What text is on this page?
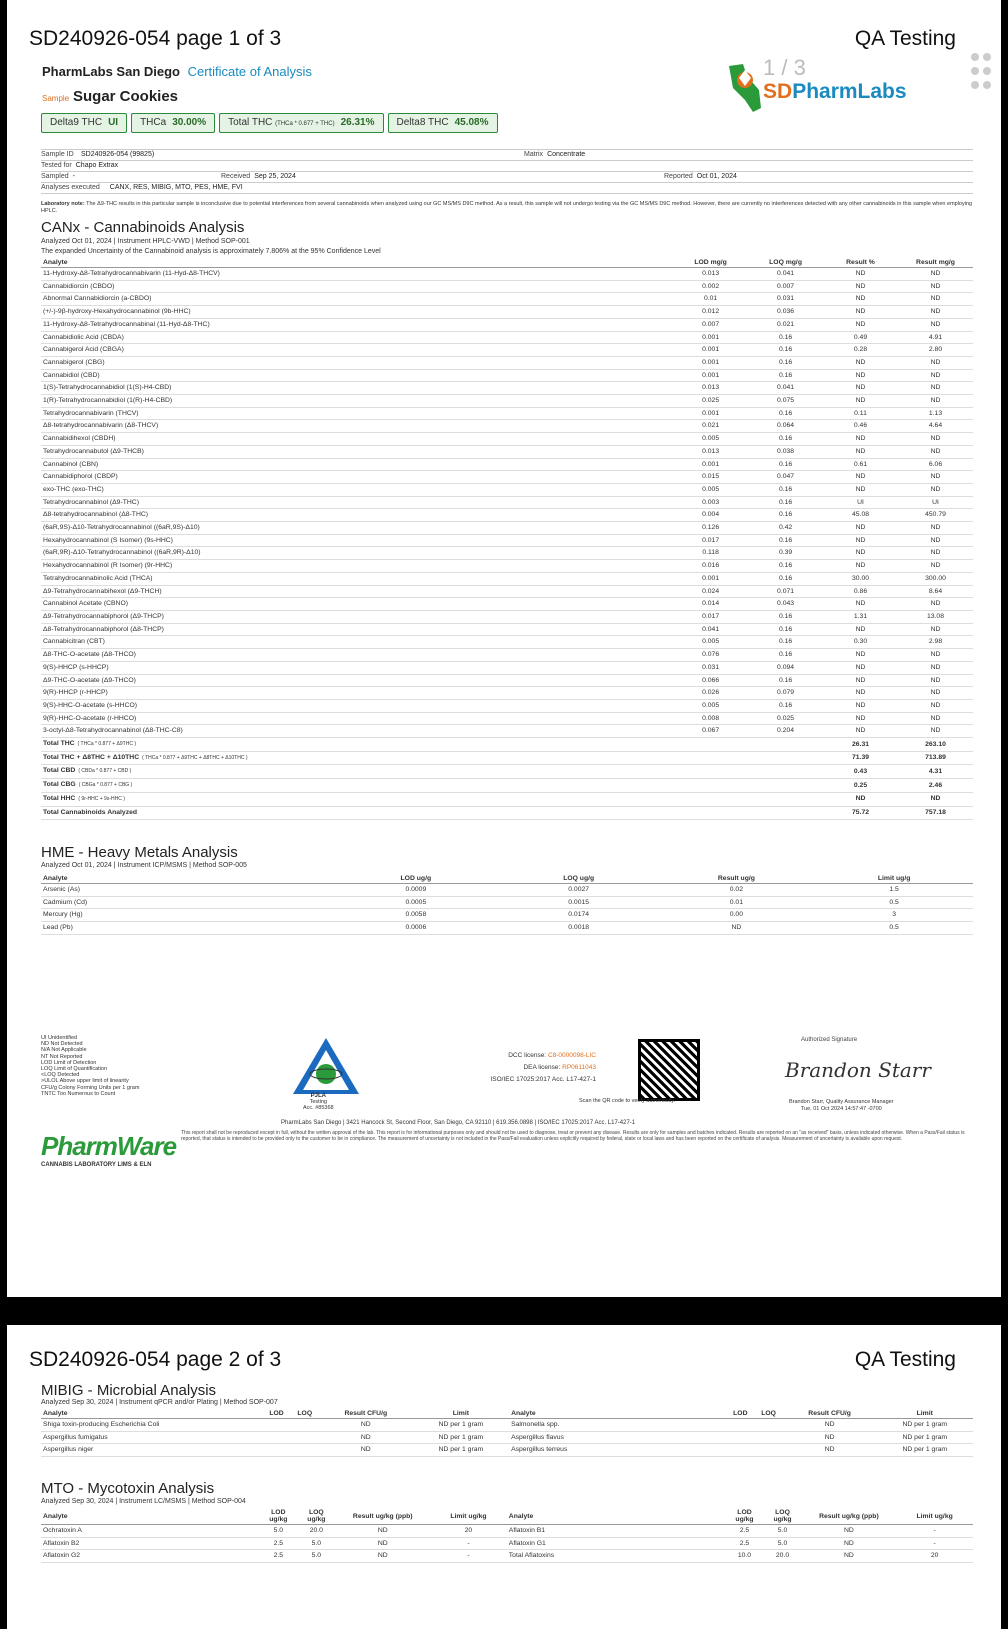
SD240926-054 page 1 of 3	QA Testing
PharmLabs San Diego Certificate of Analysis
Sample Sugar Cookies
Delta9 THC UI	THCa 30.00%	Total THC (THCa * 0.877 + THC) 26.31%	Delta8 THC 45.08%
1 / 3
SDPharmLabs
Sample ID	SD240926-054 (99825)	Matrix Concentrate
Tested for Chapo Extrax
Sampled -	Received Sep 25, 2024	Reported Oct 01, 2024
Analyses executed CANX, RES, MIBIG, MTO, PES, HME, FVI
Laboratory note: The Δ9-THC results in this particular sample is inconclusive due to potential interferences from several cannabinoids when analyzed using our GC MS/MS D9C method. As a result, this sample will not undergo testing via the GC MS/MS D9C method. However, there are currently no interferences detected with any other cannabinoids in this sample when employing HPLC.
CANx - Cannabinoids Analysis
Analyzed Oct 01, 2024 | Instrument HPLC-VWD | Method SOP-001
The expanded Uncertainty of the Cannabinoid analysis is approximately 7.806% at the 95% Confidence Level
Analyte	LOD mg/g	LOQ mg/g	Result %	Result mg/g
11-Hydroxy-Δ8-Tetrahydrocannabivarin (11-Hyd-Δ8-THCV)	0.013	0.041	ND	ND
Cannabidiorcin (CBDO)	0.002	0.007	ND	ND
Abnormal Cannabidiorcin (a-CBDO)	0.01	0.031	ND	ND
(+/-)-9β-hydroxy-Hexahydrocannabinol (9b-HHC)	0.012	0.036	ND	ND
11-Hydroxy-Δ8-Tetrahydrocannabinal (11-Hyd-Δ8-THC)	0.007	0.021	ND	ND
Cannabidiolic Acid (CBDA)	0.001	0.16	0.49	4.91
Cannabigerol Acid (CBGA)	0.001	0.16	0.28	2.80
Cannabigerol (CBG)	0.001	0.16	ND	ND
Cannabidiol (CBD)	0.001	0.16	ND	ND
1(S)-Tetrahydrocannabidiol (1(S)-H4-CBD)	0.013	0.041	ND	ND
1(R)-Tetrahydrocannabidiol (1(R)-H4-CBD)	0.025	0.075	ND	ND
Tetrahydrocannabivarin (THCV)	0.001	0.16	0.11	1.13
Δ8-tetrahydrocannabivarin (Δ8-THCV)	0.021	0.064	0.46	4.64
Cannabidihexol (CBDH)	0.005	0.16	ND	ND
Tetrahydrocannabutol (Δ9-THCB)	0.013	0.038	ND	ND
Cannabinol (CBN)	0.001	0.16	0.61	6.06
Cannabidiphorol (CBDP)	0.015	0.047	ND	ND
exo-THC (exo-THC)	0.005	0.16	ND	ND
Tetrahydrocannabinol (Δ9-THC)	0.003	0.16	UI	UI
Δ8-tetrahydrocannabinol (Δ8-THC)	0.004	0.16	45.08	450.79
(6aR,9S)-Δ10-Tetrahydrocannabinol ((6aR,9S)-Δ10)	0.126	0.42	ND	ND
Hexahydrocannabinol (S Isomer) (9s-HHC)	0.017	0.16	ND	ND
(6aR,9R)-Δ10-Tetrahydrocannabinol ((6aR,9R)-Δ10)	0.118	0.39	ND	ND
Hexahydrocannabinol (R Isomer) (9r-HHC)	0.016	0.16	ND	ND
Tetrahydrocannabinolic Acid (THCA)	0.001	0.16	30.00	300.00
Δ9-Tetrahydrocannabihexol (Δ9-THCH)	0.024	0.071	0.86	8.64
Cannabinol Acetate (CBNO)	0.014	0.043	ND	ND
Δ9-Tetrahydrocannabiphorol (Δ9-THCP)	0.017	0.16	1.31	13.08
Δ8-Tetrahydrocannabiphorol (Δ8-THCP)	0.041	0.16	ND	ND
Cannabicitran (CBT)	0.005	0.16	0.30	2.98
Δ8-THC-O-acetate (Δ8-THCO)	0.076	0.16	ND	ND
9(S)-HHCP (s-HHCP)	0.031	0.094	ND	ND
Δ9-THC-O-acetate (Δ9-THCO)	0.066	0.16	ND	ND
9(R)-HHCP (r-HHCP)	0.026	0.079	ND	ND
9(S)-HHC-O-acetate (s-HHCO)	0.005	0.16	ND	ND
9(R)-HHC-O-acetate (r-HHCO)	0.008	0.025	ND	ND
3-octyl-Δ8-Tetrahydrocannabinol (Δ8-THC-C8)	0.067	0.204	ND	ND
Total THC ( THCa * 0.877 + Δ9THC )			26.31	263.10
Total THC + Δ8THC + Δ10THC ( THCa * 0.877 + Δ9THC + Δ8THC + Δ10THC )			71.39	713.89
Total CBD ( CBDa * 0.877 + CBD )			0.43	4.31
Total CBG ( CBGa * 0.877 + CBG )			0.25	2.46
Total HHC ( 9r-HHC + 9s-HHC )			ND	ND
Total Cannabinoids Analyzed			75.72	757.18
HME - Heavy Metals Analysis
Analyzed Oct 01, 2024 | Instrument ICP/MSMS | Method SOP-005
Analyte	LOD ug/g	LOQ ug/g	Result ug/g	Limit ug/g
Arsenic (As)	0.0009	0.0027	0.02	1.5
Cadmium (Cd)	0.0005	0.0015	0.01	0.5
Mercury (Hg)	0.0058	0.0174	0.00	3
Lead (Pb)	0.0006	0.0018	ND	0.5
UI Unidentified
ND Not Detected
N/A Not Applicable
NT Not Reported
LOD Limit of Detection
LOQ Limit of Quantification
<LOQ Detected
>ULOL Above upper limit of linearity
CFU/g Colony Forming Units per 1 gram
TNTC Too Numerous to Count	PJLA
Testing
Acc. #85368
DCC license: C8-0000098-LIC
DEA license: RP0611043
ISO/IEC 17025:2017 Acc. L17-427-1
Scan the QR code to verify authenticity.
Authorized Signature
Brandon Starr
Brandon Starr, Quality Assurance Manager
Tue, 01 Oct 2024 14:57:47 -0700
PharmLabs San Diego | 3421 Hancock St, Second Floor, San Diego, CA 92110 | 619.356.0898 | ISO/IEC 17025:2017 Acc. L17-427-1
This report shall not be reproduced except in full, without the written approval of the lab. This report is for informational purposes only and should not be used to diagnose, treat or prevent any disease. Results are only for samples and batches indicated. Results are reported on an "as received" basis, unless indicated otherwise. When a Pass/Fail status is reported, that status is intended to be provided only to the customer to be in compliance. The measurement of uncertainty is not included in the Pass/Fail evaluation unless explicitly required by federal, state or local laws and has been reported on the certificate of analysis. Measurement of uncertainty is available upon request.
PharmWare
CANNABIS LABORATORY LIMS & ELN
SD240926-054 page 2 of 3	QA Testing
MIBIG - Microbial Analysis
Analyzed Sep 30, 2024 | Instrument qPCR and/or Plating | Method SOP-007
Analyte	LOD	LOQ	Result CFU/g	Limit	Analyte	LOD	LOQ	Result CFU/g	Limit
Shiga toxin-producing Escherichia Coli			ND	ND per 1 gram	Salmonella spp.			ND	ND per 1 gram
Aspergillus fumigatus			ND	ND per 1 gram	Aspergillus flavus			ND	ND per 1 gram
Aspergillus niger			ND	ND per 1 gram	Aspergillus terreus			ND	ND per 1 gram
MTO - Mycotoxin Analysis
Analyzed Sep 30, 2024 | Instrument LC/MSMS | Method SOP-004
Analyte	LOD ug/kg	LOQ ug/kg	Result ug/kg (ppb)	Limit ug/kg	Analyte	LOD ug/kg	LOQ ug/kg	Result ug/kg (ppb)	Limit ug/kg
Ochratoxin A	5.0	20.0	ND	20	Aflatoxin B1	2.5	5.0	ND	-
Aflatoxin B2	2.5	5.0	ND	-	Aflatoxin G1	2.5	5.0	ND	-
Aflatoxin G2	2.5	5.0	ND	-	Total Aflatoxins	10.0	20.0	ND	20
